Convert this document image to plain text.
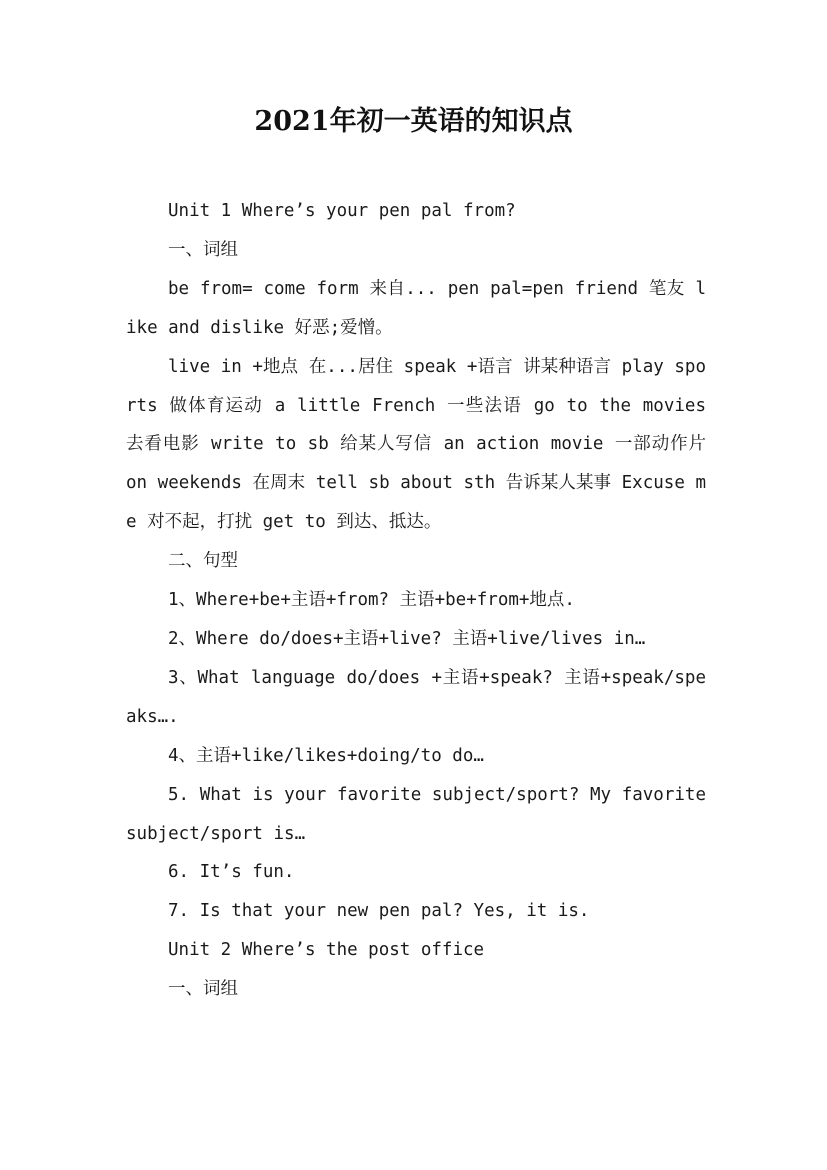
2021年初一英语的知识点

Unit 1 Where’s your pen pal from?

一、词组

be from= come form 来自... pen pal=pen friend 笔友 like and dislike 好恶;爱憎。

live in +地点 在...居住 speak +语言 讲某种语言 play sports 做体育运动 a little French 一些法语 go to the movies 去看电影 write to sb 给某人写信 an action movie 一部动作片 on weekends 在周末 tell sb about sth 告诉某人某事 Excuse me 对不起，打扰 get to 到达、抵达。

二、句型

1、Where+be+主语+from? 主语+be+from+地点.

2、Where do/does+主语+live? 主语+live/lives in…

3、What language do/does +主语+speak? 主语+speak/speaks….

4、主语+like/likes+doing/to do…

5. What is your favorite subject/sport? My favorite subject/sport is…

6. It’s fun.

7. Is that your new pen pal? Yes, it is.

Unit 2 Where’s the post office

一、词组
